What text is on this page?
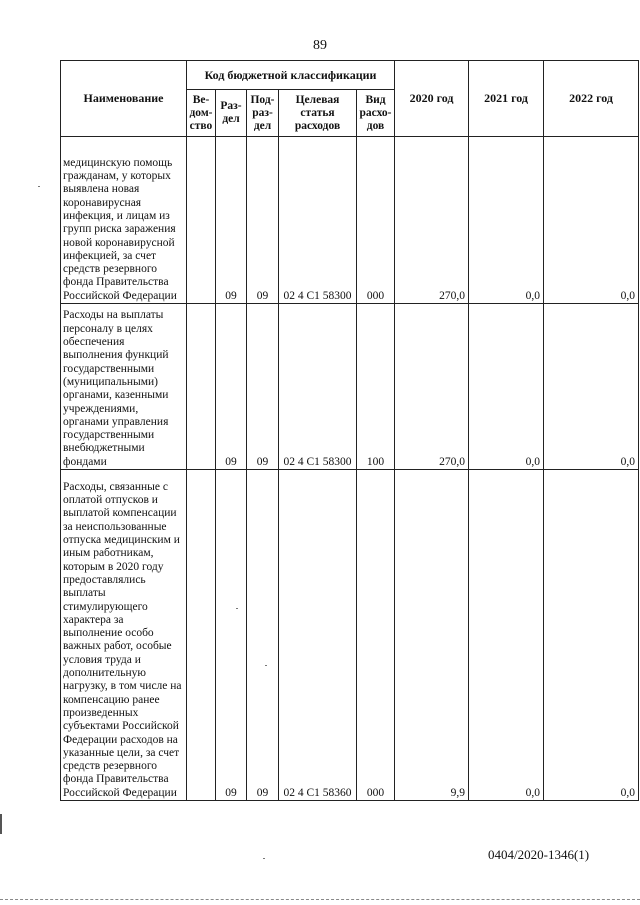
89
Наименование	Код бюджетной классификации					2020 год	2021 год	2022 год
	Ве-
дом-
ство	Раз-
дел	Под-
раз-
дел	Целевая
статья
расходов	Вид
расхо-
дов			
медицинскую помощь гражданам, у которых выявлена новая коронавирусная инфекция, и лицам из групп риска заражения новой коронавирусной инфекцией, за счет средств резервного фонда Правительства Российской Федерации		09	09	02 4 С1 58300	000	270,0	0,0	0,0
Расходы на выплаты персоналу в целях обеспечения выполнения функций государственными (муниципальными) органами, казенными учреждениями, органами управления государственными внебюджетными фондами		09	09	02 4 С1 58300	100	270,0	0,0	0,0
Расходы, связанные с оплатой отпусков и выплатой компенсации за неиспользованные отпуска медицинским и иным работникам, которым в 2020 году предоставлялись выплаты стимулирующего характера за выполнение особо важных работ, особые условия труда и дополнительную нагрузку, в том числе на компенсацию ранее произведенных субъектами Российской Федерации расходов на указанные цели, за счет средств резервного фонда Правительства Российской Федерации		09	09	02 4 С1 58360	000	9,9	0,0	0,0
0404/2020-1346(1)
